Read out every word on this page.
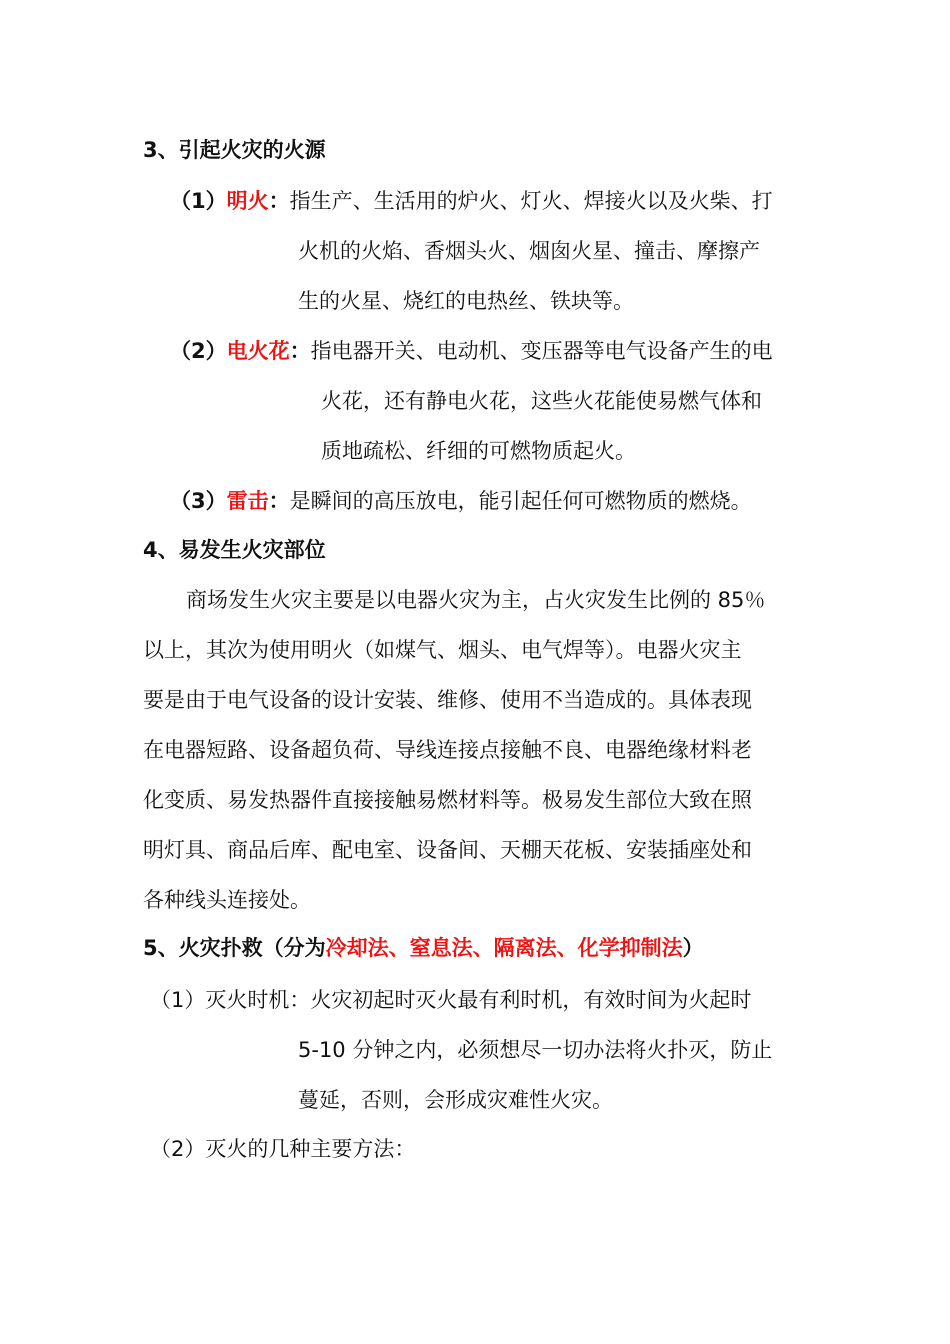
3、引起火灾的火源
（1）明火：指生产、生活用的炉火、灯火、焊接火以及火柴、打
火机的火焰、香烟头火、烟囱火星、撞击、摩擦产
生的火星、烧红的电热丝、铁块等。
（2）电火花：指电器开关、电动机、变压器等电气设备产生的电
火花，还有静电火花，这些火花能使易燃气体和
质地疏松、纤细的可燃物质起火。
（3）雷击：是瞬间的高压放电，能引起任何可燃物质的燃烧。
4、易发生火灾部位
商场发生火灾主要是以电器火灾为主，占火灾发生比例的 85％
以上，其次为使用明火（如煤气、烟头、电气焊等）。电器火灾主
要是由于电气设备的设计安装、维修、使用不当造成的。具体表现
在电器短路、设备超负荷、导线连接点接触不良、电器绝缘材料老
化变质、易发热器件直接接触易燃材料等。极易发生部位大致在照
明灯具、商品后库、配电室、设备间、天棚天花板、安装插座处和
各种线头连接处。
5、火灾扑救（分为冷却法、窒息法、隔离法、化学抑制法）
（1）灭火时机：火灾初起时灭火最有利时机，有效时间为火起时
5-10 分钟之内，必须想尽一切办法将火扑灭，防止
蔓延，否则，会形成灾难性火灾。
（2）灭火的几种主要方法：
